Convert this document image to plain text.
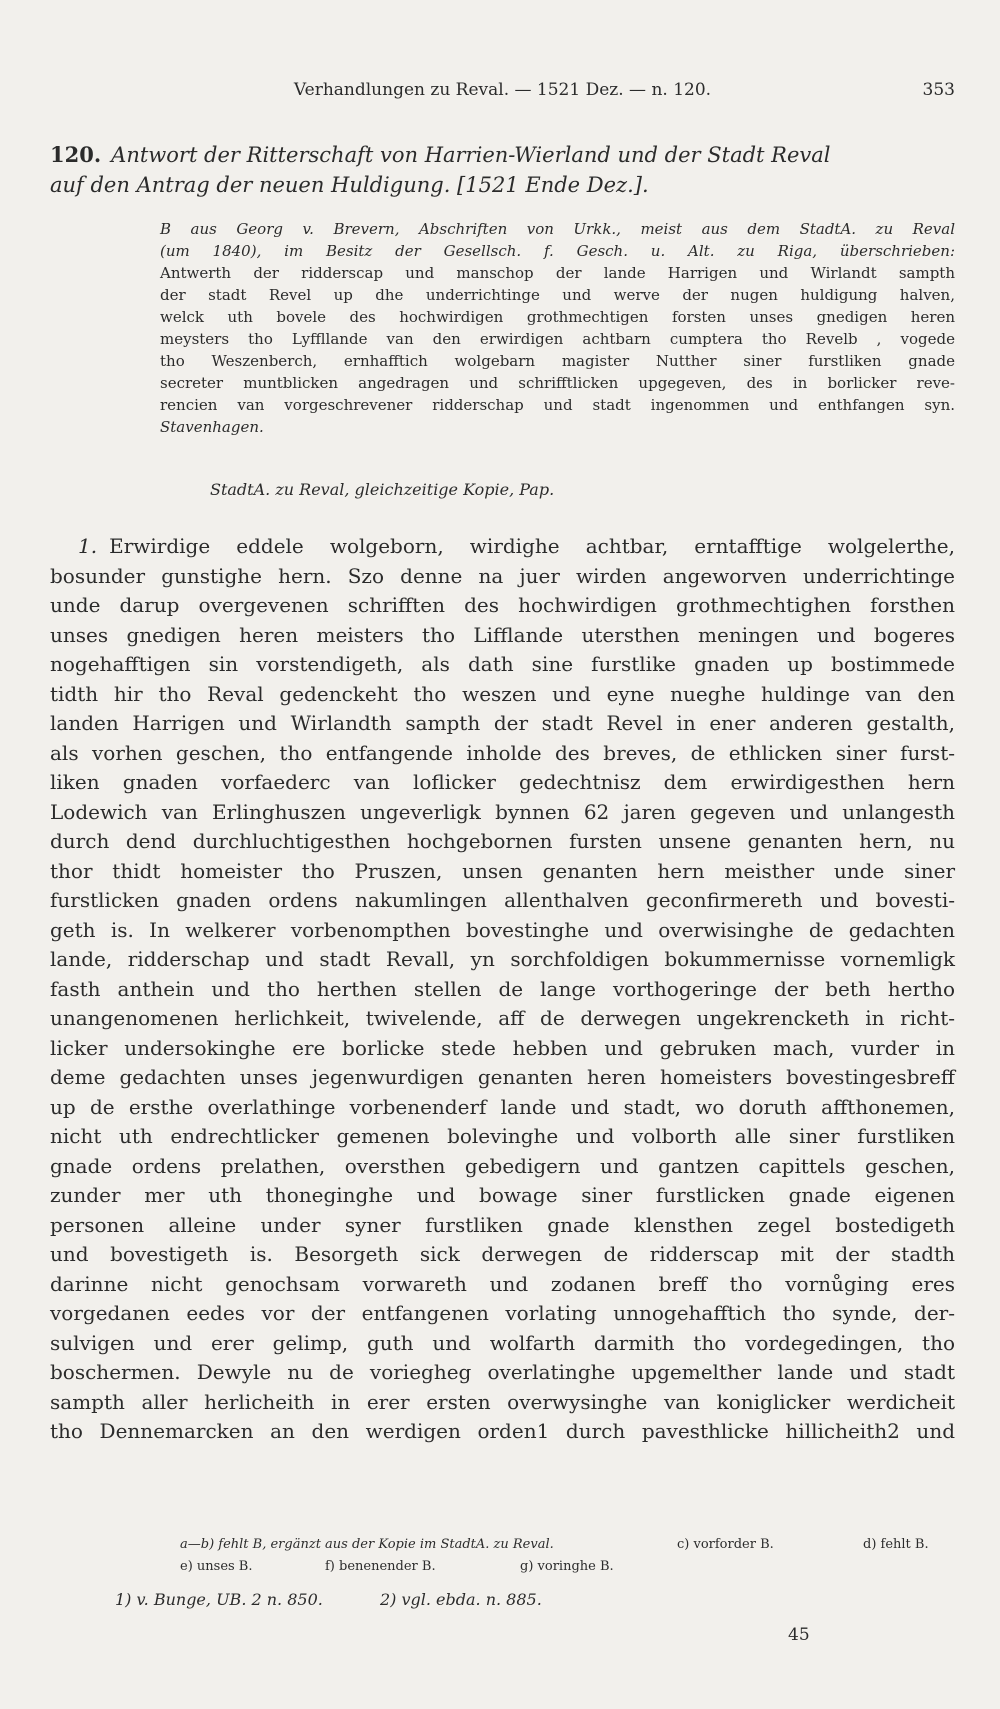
Verhandlungen zu Reval. — 1521 Dez. — n. 120.	353
120. Antwort der Ritterschaft von Harrien-Wierland und der Stadt Reval
auf den Antrag der neuen Huldigung. [1521 Ende Dez.].
B aus Georg v. Brevern, Abschriften von Urkk., meist aus dem StadtA. zu Reval
(um 1840), im Besitz der Gesellsch. f. Gesch. u. Alt. zu Riga, überschrieben:
Antwerth der ridderscap und manschop der lande Harrigen und Wirlandt sampth
der stadt Revel up dhe underrichtinge und werve der nugen huldigung halven,
welck uth bovele des hochwirdigen grothmechtigen forsten unses gnedigen heren
meysters tho Lyffllande van den erwirdigen achtbarn cumptera tho Revelb , vogede
tho Weszenberch, ernhafftich wolgebarn magister Nutther siner furstliken gnade
secreter muntblicken angedragen und schrifftlicken upgegeven, des in borlicker reve-
rencien van vorgeschrevener ridderschap und stadt ingenommen und enthfangen syn.
Stavenhagen.
StadtA. zu Reval, gleichzeitige Kopie, Pap.
1. Erwirdige eddele wolgeborn, wirdighe achtbar, erntafftige wolgelerthe,
bosunder gunstighe hern. Szo denne na juer wirden angeworven underrichtinge
unde darup overgevenen schrifften des hochwirdigen grothmechtighen forsthen
unses gnedigen heren meisters tho Lifflande utersthen meningen und bogeres
nogehafftigen sin vorstendigeth, als dath sine furstlike gnaden up bostimmede
tidth hir tho Reval gedenckeht tho weszen und eyne nueghe huldinge van den
landen Harrigen und Wirlandth sampth der stadt Revel in ener anderen gestalth,
als vorhen geschen, tho entfangende inholde des breves, de ethlicken siner furst-
liken gnaden vorfaederc van loflicker gedechtnisz dem erwirdigesthen hern
Lodewich van Erlinghuszen ungeverligk bynnen 62 jaren gegeven und unlangesth
durch dend durchluchtigesthen hochgebornen fursten unsene genanten hern, nu
thor thidt homeister tho Pruszen, unsen genanten hern meisther unde siner
furstlicken gnaden ordens nakumlingen allenthalven geconfirmereth und bovesti-
geth is. In welkerer vorbenompthen bovestinghe und overwisinghe de gedachten
lande, ridderschap und stadt Revall, yn sorchfoldigen bokummernisse vornemligk
fasth anthein und tho herthen stellen de lange vorthogeringe der beth hertho
unangenomenen herlichkeit, twivelende, aff de derwegen ungekrencketh in richt-
licker undersokinghe ere borlicke stede hebben und gebruken mach, vurder in
deme gedachten unses jegenwurdigen genanten heren homeisters bovestingesbreff
up de ersthe overlathinge vorbenenderf lande und stadt, wo doruth affthonemen,
nicht uth endrechtlicker gemenen bolevinghe und volborth alle siner furstliken
gnade ordens prelathen, oversthen gebedigern und gantzen capittels geschen,
zunder mer uth thoneginghe und bowage siner furstlicken gnade eigenen
personen alleine under syner furstliken gnade klensthen zegel bostedigeth
und bovestigeth is. Besorgeth sick derwegen de ridderscap mit der stadth
darinne nicht genochsam vorwareth und zodanen breff tho vornůging eres
vorgedanen eedes vor der entfangenen vorlating unnogehafftich tho synde, der-
sulvigen und erer gelimp, guth und wolfarth darmith tho vordegedingen, tho
boschermen. Dewyle nu de voriegheg overlatinghe upgemelther lande und stadt
sampth aller herlicheith in erer ersten overwysinghe van koniglicker werdicheit
tho Dennemarcken an den werdigen orden1 durch pavesthlicke hillicheith2 und
a—b) fehlt B, ergänzt aus der Kopie im StadtA. zu Reval.	c) vorforder B.	d) fehlt B.
e) unses B.	f) benenender B.	g) voringhe B.
1) v. Bunge, UB. 2 n. 850.	2) vgl. ebda. n. 885.
45
